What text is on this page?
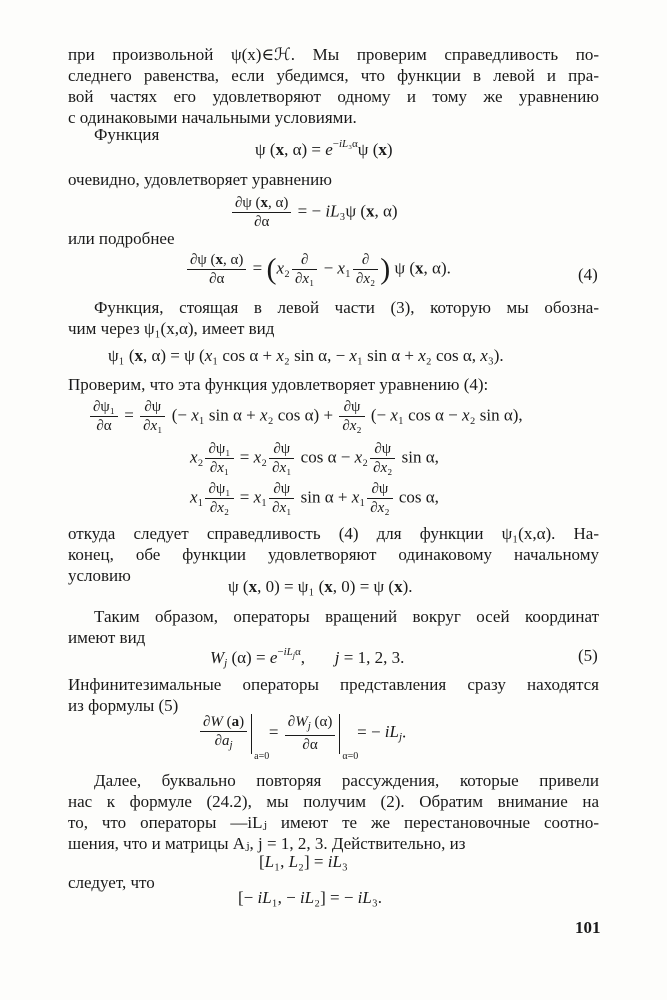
при произвольной ψ(x)∈ℋ. Мы проверим справедливость по-
следнего равенства, если убедимся, что функции в левой и пра-
вой частях его удовлетворяют одному и тому же уравнению
с одинаковыми начальными условиями.
Функция
ψ (x, $\alpha) = e^{-iL_3\alpha}\psi$ (x)
очевидно, удовлетворяет уравнению
$\frac{\partial\psi (x, \alpha)}{\partial\alpha}$ = − iL₃ψ (x, α)
или подробнее
$\frac{\partial\psi (x, \alpha)}{\partial\alpha} = (x_2 \frac{\partial}{\text{∂x₁}} - x_1 \frac{\partial}{\text{∂x₂}}$ ) ψ (x, α).	(4)
Функция, стоящая в левой части (3), которую мы обозна-
чим через ψ₁(x,α), имеет вид
ψ₁ (x, α) = ψ (x₁ cos α + x₂ sin α, − x₁ sin α + x₂ cos α, x₃).
Проверим, что эта функция удовлетворяет уравнению (4):
$\frac{\text{∂ψ₁}}{\partial\alpha} = \frac{\partial\psi}{\text{∂x₁}}$ (− x₁ sin α + x₂ $\cos \alpha) + \frac{\partial\psi}{\text{∂x₂}}$ (− x₁ cos α − x₂ sin α),
$x_2 \frac{\text{∂ψ₁}}{\text{∂x₁}} = x_2 \frac{\partial\psi}{\text{∂x₁}}$ $\cos \alpha - x_2 \frac{\partial\psi}{\text{∂x₂}}$ sin α,
$x_1 \frac{\text{∂ψ₁}}{\text{∂x₂}} = x_1 \frac{\partial\psi}{\text{∂x₁}}$ $\sin \alpha + x_1 \frac{\partial\psi}{\text{∂x₂}}$ cos α,
откуда следует справедливость (4) для функции ψ₁(x,α). На-
конец, обе функции удовлетворяют одинаковому начальному
условию
ψ (x, 0) = ψ₁ (x, 0) = ψ (x).
Таким образом, операторы вращений вокруг осей координат
имеют вид
$W_j$ $(\alpha) = e^{-iL_j\alpha}$,       j = 1, 2, 3.	(5)
Инфинитезимальные операторы представления сразу находятся
из формулы (5)
$\frac{\partial W (a)}{\partial a_j}$
a=0
= $\frac{\partial W_j (\alpha)}{\partial\alpha}$
α=0
= − $iL_j$.
Далее, буквально повторяя рассуждения, которые привели
нас к формуле (24.2), мы получим (2). Обратим внимание на
то, что операторы —iLⱼ имеют те же перестановочные соотно-
шения, что и матрицы Aⱼ, j = 1, 2, 3. Действительно, из
[L₁, L₂] = iL₃
следует, что
[− iL₁, − iL₂] = − iL₃.
101
